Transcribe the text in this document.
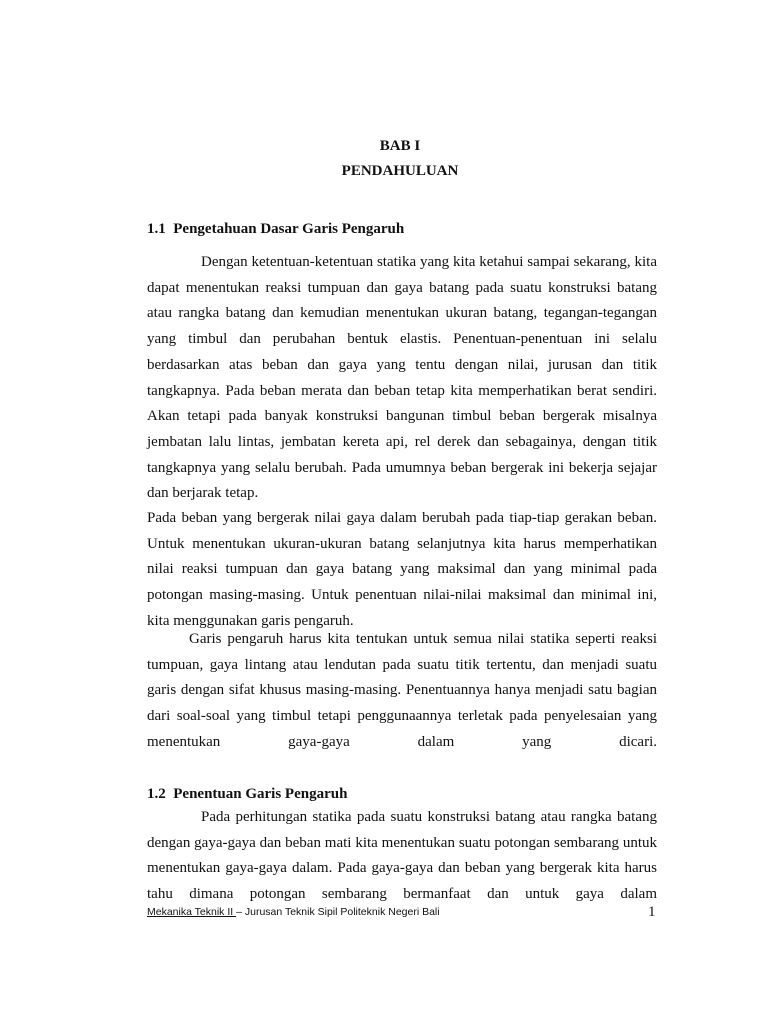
BAB I
PENDAHULUAN
1.1  Pengetahuan Dasar Garis Pengaruh

Dengan ketentuan-ketentuan statika yang kita ketahui sampai sekarang, kita dapat menentukan reaksi tumpuan dan gaya batang pada suatu konstruksi batang atau rangka batang dan kemudian menentukan ukuran batang, tegangan-tegangan yang timbul dan perubahan bentuk elastis. Penentuan-penentuan ini selalu berdasarkan atas beban dan gaya yang tentu dengan nilai, jurusan dan titik tangkapnya. Pada beban merata dan beban tetap kita memperhatikan berat sendiri. Akan tetapi pada banyak konstruksi bangunan timbul beban bergerak misalnya jembatan lalu lintas, jembatan kereta api, rel derek dan sebagainya, dengan titik tangkapnya yang selalu berubah. Pada umumnya beban bergerak ini bekerja sejajar dan berjarak tetap.

Pada beban yang bergerak nilai gaya dalam berubah pada tiap-tiap gerakan beban. Untuk menentukan ukuran-ukuran batang selanjutnya kita harus memperhatikan nilai reaksi tumpuan dan gaya batang yang maksimal dan yang minimal pada potongan masing-masing. Untuk penentuan nilai-nilai maksimal dan minimal ini, kita menggunakan garis pengaruh.

Garis pengaruh harus kita tentukan untuk semua nilai statika seperti reaksi tumpuan, gaya lintang atau lendutan pada suatu titik tertentu, dan menjadi suatu garis dengan sifat khusus masing-masing. Penentuannya hanya menjadi satu bagian dari soal-soal yang timbul tetapi penggunaannya terletak pada penyelesaian yang menentukan gaya-gaya dalam yang dicari.

1.2  Penentuan Garis Pengaruh

Pada perhitungan statika pada suatu konstruksi batang atau rangka batang dengan gaya-gaya dan beban mati kita menentukan suatu potongan sembarang untuk menentukan gaya-gaya dalam. Pada gaya-gaya dan beban yang bergerak kita harus tahu dimana potongan sembarang bermanfaat dan untuk gaya dalam

Mekanika Teknik II – Jurusan Teknik Sipil Politeknik Negeri Bali	1
